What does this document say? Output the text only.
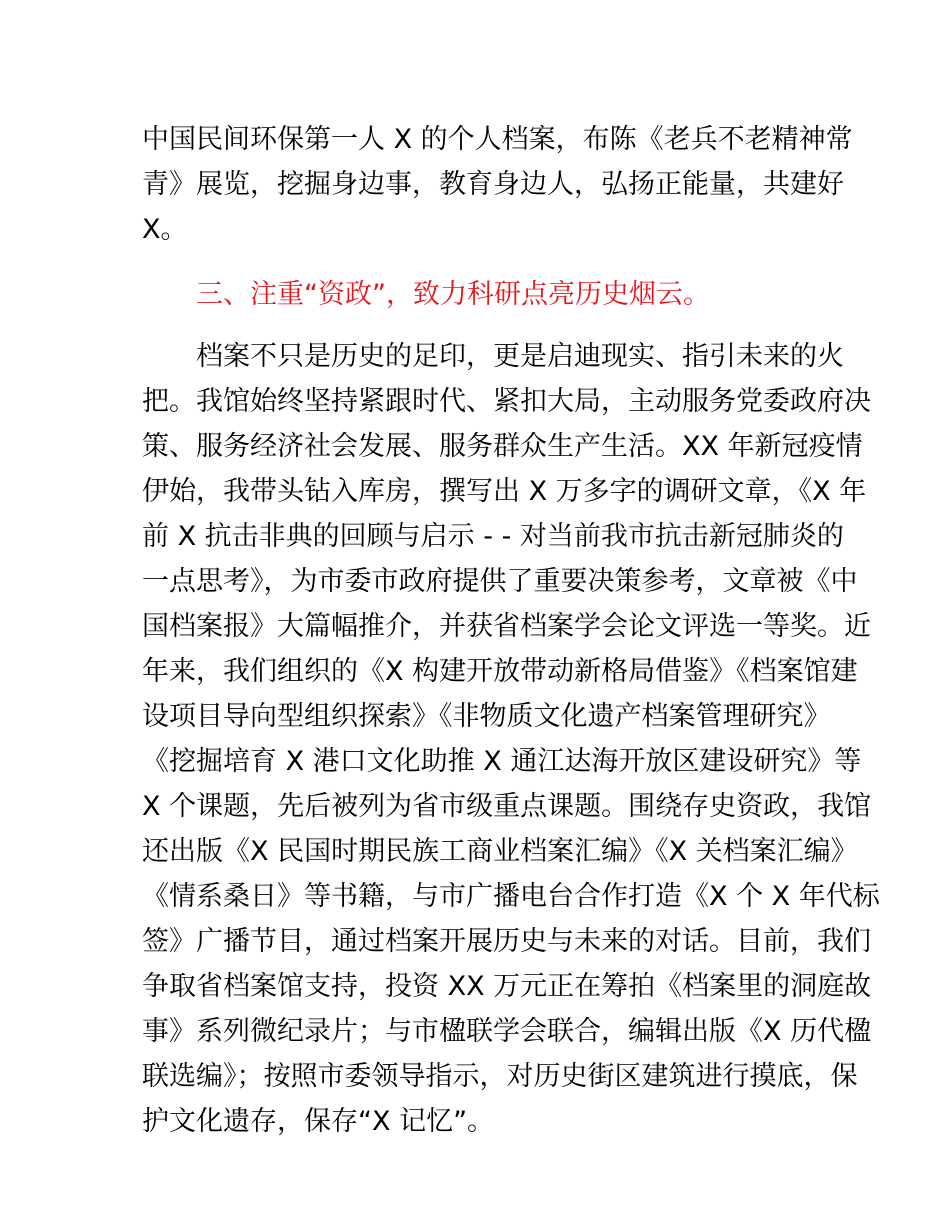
中国民间环保第一人 X 的个人档案，布陈《老兵不老精神常
青》展览，挖掘身边事，教育身边人，弘扬正能量，共建好
X。
三、注重“资政”，致力科研点亮历史烟云。
档案不只是历史的足印，更是启迪现实、指引未来的火
把。我馆始终坚持紧跟时代、紧扣大局，主动服务党委政府决
策、服务经济社会发展、服务群众生产生活。XX 年新冠疫情
伊始，我带头钻入库房，撰写出 X 万多字的调研文章，《X 年
前 X 抗击非典的回顾与启示 - - 对当前我市抗击新冠肺炎的
一点思考》，为市委市政府提供了重要决策参考，文章被《中
国档案报》大篇幅推介，并获省档案学会论文评选一等奖。近
年来，我们组织的《X 构建开放带动新格局借鉴》《档案馆建
设项目导向型组织探索》《非物质文化遗产档案管理研究》
《挖掘培育 X 港口文化助推 X 通江达海开放区建设研究》等
X 个课题，先后被列为省市级重点课题。围绕存史资政，我馆
还出版《X 民国时期民族工商业档案汇编》《X 关档案汇编》
《情系桑日》等书籍，与市广播电台合作打造《X 个 X 年代标
签》广播节目，通过档案开展历史与未来的对话。目前，我们
争取省档案馆支持，投资 XX 万元正在筹拍《档案里的洞庭故
事》系列微纪录片；与市楹联学会联合，编辑出版《X 历代楹
联选编》；按照市委领导指示，对历史街区建筑进行摸底，保
护文化遗存，保存“X 记忆”。
